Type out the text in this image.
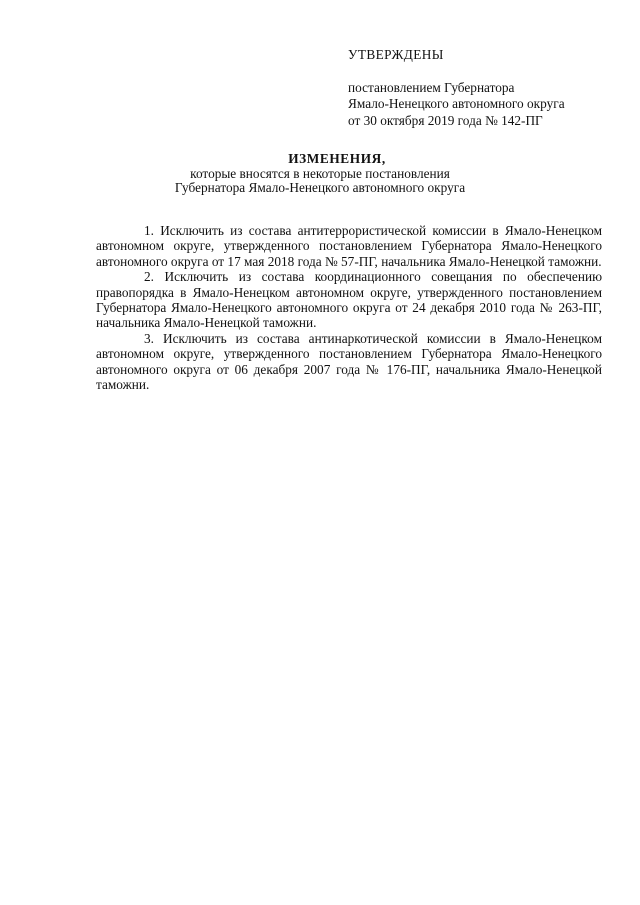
УТВЕРЖДЕНЫ
постановлением Губернатора
Ямало-Ненецкого автономного округа
от 30 октября 2019 года № 142-ПГ
ИЗМЕНЕНИЯ,
которые вносятся в некоторые постановления
Губернатора Ямало-Ненецкого автономного округа

1. Исключить из состава антитеррористической комиссии в Ямало-Ненецком автономном округе, утвержденного постановлением Губернатора Ямало-Ненецкого автономного округа от 17 мая 2018 года № 57-ПГ, начальника Ямало-Ненецкой таможни.

2. Исключить из состава координационного совещания по обеспечению правопорядка в Ямало-Ненецком автономном округе, утвержденного постановлением Губернатора Ямало-Ненецкого автономного округа от 24 декабря 2010 года № 263-ПГ, начальника Ямало-Ненецкой таможни.

3. Исключить из состава антинаркотической комиссии в Ямало-Ненецком автономном округе, утвержденного постановлением Губернатора Ямало-Ненецкого автономного округа от 06 декабря 2007 года № 176-ПГ, начальника Ямало-Ненецкой таможни.
